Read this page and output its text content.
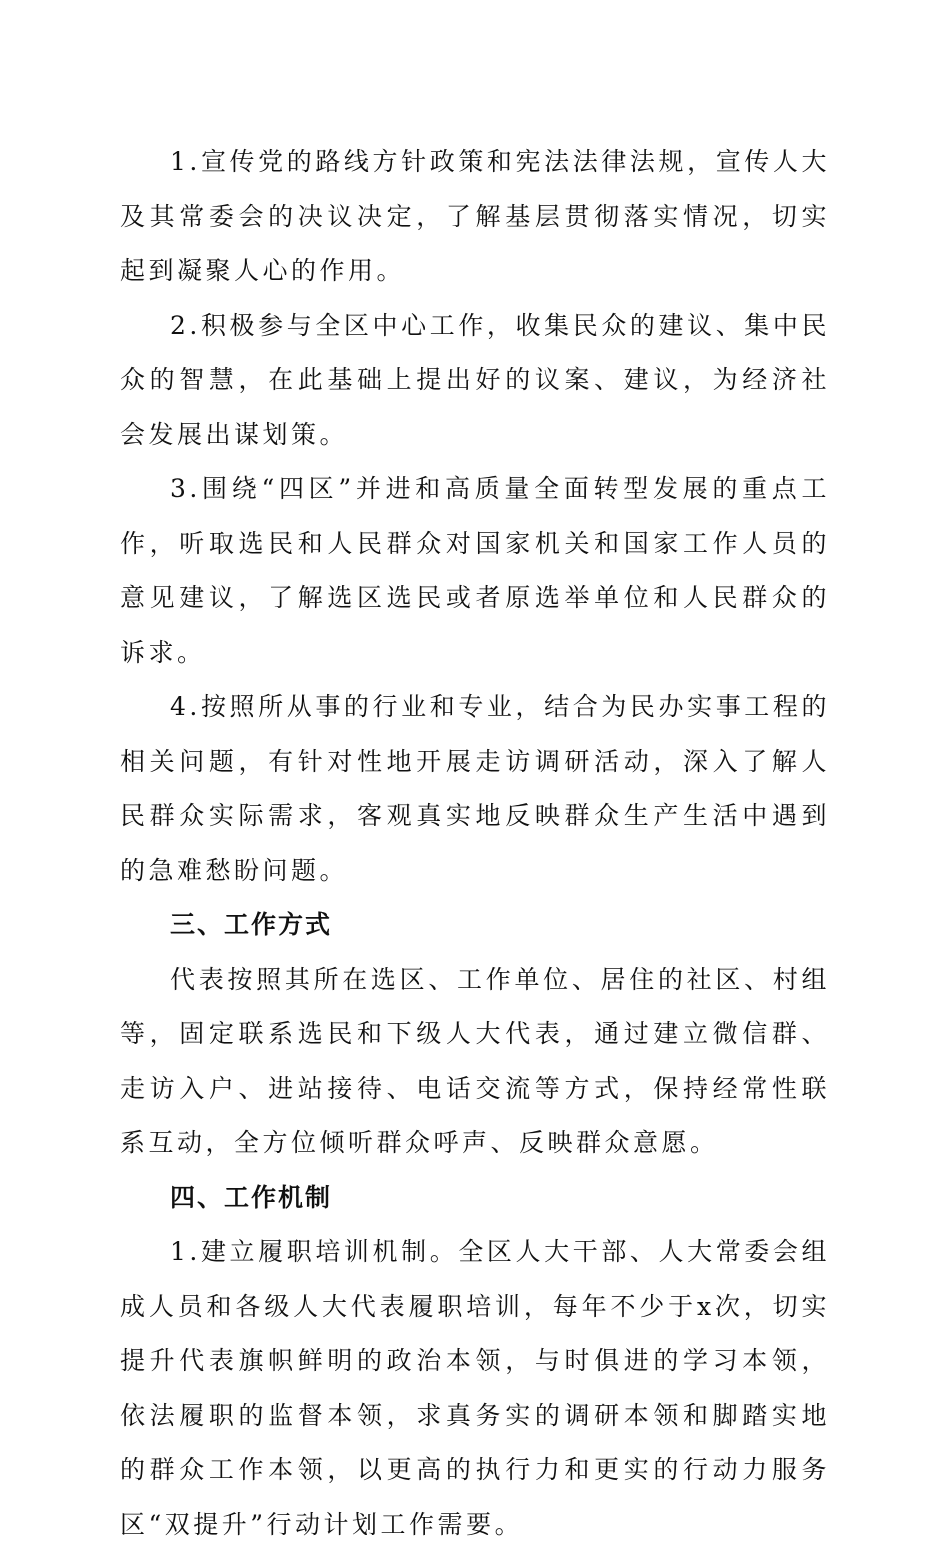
1.宣传党的路线方针政策和宪法法律法规，宣传人大及其常委会的决议决定，了解基层贯彻落实情况，切实起到凝聚人心的作用。

2.积极参与全区中心工作，收集民众的建议、集中民众的智慧，在此基础上提出好的议案、建议，为经济社会发展出谋划策。

3.围绕“四区”并进和高质量全面转型发展的重点工作，听取选民和人民群众对国家机关和国家工作人员的意见建议，了解选区选民或者原选举单位和人民群众的诉求。

4.按照所从事的行业和专业，结合为民办实事工程的相关问题，有针对性地开展走访调研活动，深入了解人民群众实际需求，客观真实地反映群众生产生活中遇到的急难愁盼问题。

三、工作方式

代表按照其所在选区、工作单位、居住的社区、村组等，固定联系选民和下级人大代表，通过建立微信群、走访入户、进站接待、电话交流等方式，保持经常性联系互动，全方位倾听群众呼声、反映群众意愿。

四、工作机制

1.建立履职培训机制。全区人大干部、人大常委会组成人员和各级人大代表履职培训，每年不少于x次，切实提升代表旗帜鲜明的政治本领，与时俱进的学习本领，依法履职的监督本领，求真务实的调研本领和脚踏实地的群众工作本领，以更高的执行力和更实的行动力服务区“双提升”行动计划工作需要。
